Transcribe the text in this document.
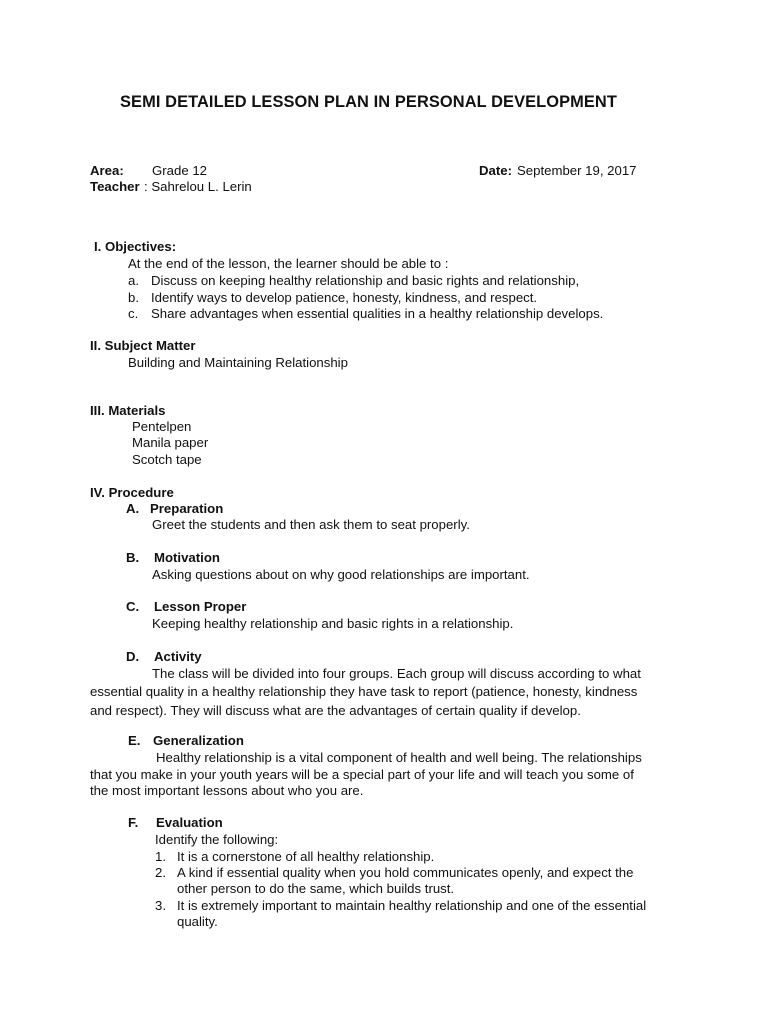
SEMI DETAILED LESSON PLAN IN PERSONAL DEVELOPMENT
Area: Grade 12	Date: September 19, 2017
Teacher : Sahrelou L. Lerin
I. Objectives:
At the end of the lesson, the learner should be able to :
a. Discuss on keeping healthy relationship and basic rights and relationship,
b. Identify ways to develop patience, honesty, kindness, and respect.
c. Share advantages when essential qualities in a healthy relationship develops.
II. Subject Matter
Building and Maintaining Relationship
III. Materials
Pentelpen
Manila paper
Scotch tape
IV. Procedure
A. Preparation
Greet the students and then ask them to seat properly.
B. Motivation
Asking questions about on why good relationships are important.
C. Lesson Proper
Keeping healthy relationship and basic rights in a relationship.
D. Activity
The class will be divided into four groups. Each group will discuss according to what
essential quality in a healthy relationship they have task to report (patience, honesty, kindness
and respect). They will discuss what are the advantages of certain quality if develop.
E. Generalization
Healthy relationship is a vital component of health and well being. The relationships
that you make in your youth years will be a special part of your life and will teach you some of
the most important lessons about who you are.
F. Evaluation
Identify the following:
1. It is a cornerstone of all healthy relationship.
2. A kind if essential quality when you hold communicates openly, and expect the
other person to do the same, which builds trust.
3. It is extremely important to maintain healthy relationship and one of the essential
quality.
